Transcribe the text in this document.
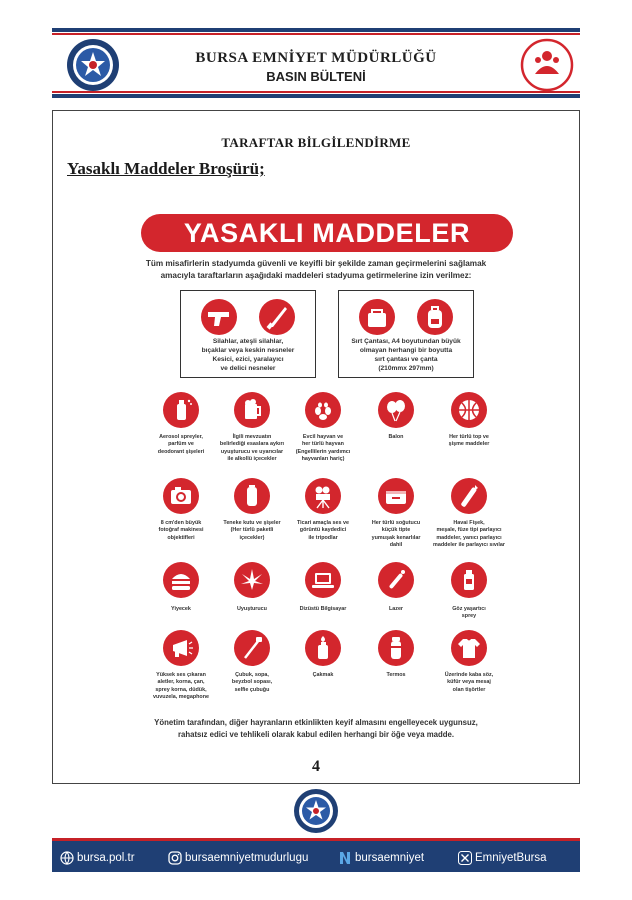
BURSA EMNİYET MÜDÜRLÜĞÜ
BASIN BÜLTENİ
TARAFTAR BİLGİLENDİRME
Yasaklı Maddeler Broşürü;
YASAKLI MADDELER
Tüm misafirlerin stadyumda güvenli ve keyifli bir şekilde zaman geçirmelerini sağlamak
amacıyla taraftarların aşağıdaki maddeleri stadyuma getirmelerine izin verilmez:
Silahlar, ateşli silahlar,
bıçaklar veya keskin nesneler
Kesici, ezici, yaralayıcı
ve delici nesneler
Sırt Çantası, A4 boyutundan büyük
olmayan herhangi bir boyutta
sırt çantası ve çanta
(210mmx 297mm)
Aerosol spreyler,
parfüm ve
deodorant şişeleri
İlgili mevzuatın
belirlediği esaslara aykırı
uyuşturucu ve uyarıcılar
ile alkollü içecekler
Evcil hayvan ve
her türlü hayvan
(Engellilerin yardımcı
hayvanları hariç)
Balon	Her türlü top ve
şişme maddeler
8 cm'den büyük
fotoğraf makinesi
objektifleri
Teneke kutu ve şişeler
(Her türlü paketli
içecekler)
Ticari amaçla ses ve
görüntü kaydedici
ile tripodlar
Her türlü soğutucu
küçük tipte
yumuşak kenarlılar
dahil
Havai Fişek,
meşale, füze tipi parlayıcı
maddeler, yanıcı parlayıcı
maddeler ile parlayıcı sıvılar
Yiyecek	Uyuşturucu	Dizüstü Bilgisayar	Lazer	Göz yaşartıcı
sprey
Yüksek ses çıkaran
aletler, korna, çan,
sprey korna, düdük,
vuvuzela, megaphone
Çubuk, sopa,
beyzbol sopası,
selfie çubuğu
Çakmak	Termos	Üzerinde kaba söz,
küfür veya mesaj
olan tişörtler
Yönetim tarafından, diğer hayranların etkinlikten keyif almasını engelleyecek uygunsuz,
rahatsız edici ve tehlikeli olarak kabul edilen herhangi bir öğe veya madde.
4
bursa.pol.tr	bursaemniyetmudurlugu	bursaemniyet	EmniyetBursa
